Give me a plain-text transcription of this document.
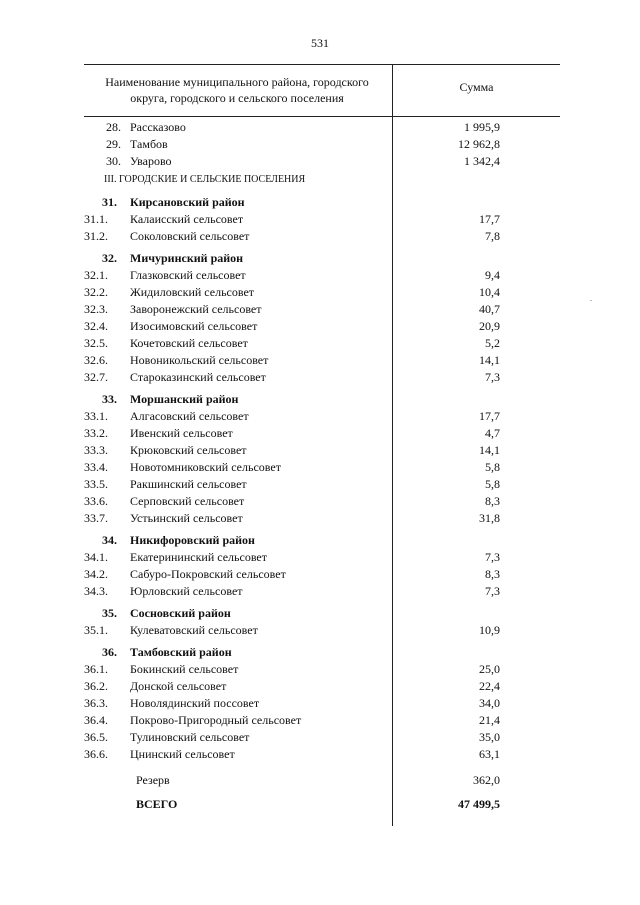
531
Наименование муниципального района, городского
округа, городского и сельского поселения
Сумма
28. Рассказово	1 995,9
29. Тамбов	12 962,8
30. Уварово	1 342,4
III. ГОРОДСКИЕ И СЕЛЬСКИЕ ПОСЕЛЕНИЯ
31.	Кирсановский район
31.1.	Калаисский сельсовет	17,7
31.2.	Соколовский сельсовет	7,8
32.	Мичуринский район
32.1.	Глазковский сельсовет	9,4
32.2.	Жидиловский сельсовет	10,4
32.3.	Заворонежский сельсовет	40,7
32.4.	Изосимовский сельсовет	20,9
32.5.	Кочетовский сельсовет	5,2
32.6.	Новоникольский сельсовет	14,1
32.7.	Староказинский сельсовет	7,3
33.	Моршанский район
33.1.	Алгасовский сельсовет	17,7
33.2.	Ивенский сельсовет	4,7
33.3.	Крюковский сельсовет	14,1
33.4.	Новотомниковский сельсовет	5,8
33.5.	Ракшинский сельсовет	5,8
33.6.	Серповский сельсовет	8,3
33.7.	Устьинский сельсовет	31,8
34.	Никифоровский район
34.1.	Екатерининский сельсовет	7,3
34.2.	Сабуро-Покровский сельсовет	8,3
34.3.	Юрловский сельсовет	7,3
35.	Сосновский район
35.1.	Кулеватовский сельсовет	10,9
36.	Тамбовский район
36.1.	Бокинский сельсовет	25,0
36.2.	Донской сельсовет	22,4
36.3.	Новолядинский поссовет	34,0
36.4.	Покрово-Пригородный сельсовет	21,4
36.5.	Тулиновский сельсовет	35,0
36.6.	Цнинский сельсовет	63,1
Резерв	362,0
ВСЕГО	47 499,5
